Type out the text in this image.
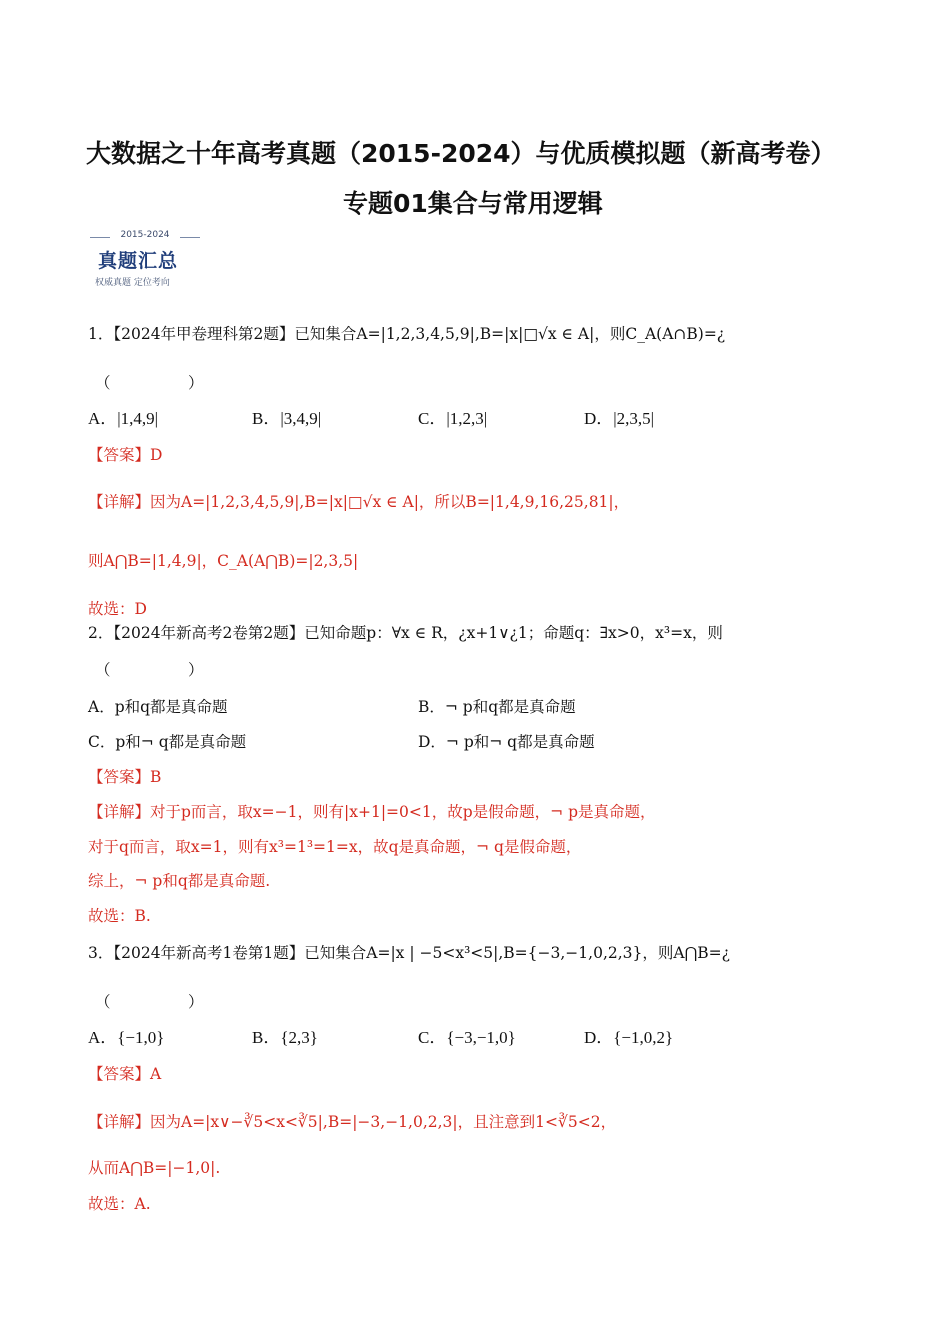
大数据之十年高考真题（2015-2024）与优质模拟题（新高考卷）
专题01集合与常用逻辑
2015-2024
真题汇总
权威真题 定位考向
1．【2024年甲卷理科第2题】已知集合A=|1,2,3,4,5,9|,B=|x|□√x ∈ A|，则C_A(A∩B)=¿
（　　　　　）
A．|1,4,9|	B．|3,4,9|	C．|1,2,3|	D．|2,3,5|
【答案】D
【详解】因为A=|1,2,3,4,5,9|,B=|x|□√x ∈ A|，所以B=|1,4,9,16,25,81|，
则A⋂B=|1,4,9|，C_A(A⋂B)=|2,3,5|
故选：D
2．【2024年新高考2卷第2题】已知命题p：∀x ∈ R，¿x+1∨¿1；命题q：∃x>0，x³=x，则
（　　　　　）
A．p和q都是真命题	B．¬ p和q都是真命题
C．p和¬ q都是真命题	D．¬ p和¬ q都是真命题
【答案】B
【详解】对于p而言，取x=−1，则有|x+1|=0<1，故p是假命题，¬ p是真命题，
对于q而言，取x=1，则有x³=1³=1=x，故q是真命题，¬ q是假命题，
综上，¬ p和q都是真命题.
故选：B.
3．【2024年新高考1卷第1题】已知集合A=|x | −5<x³<5|,B={−3,−1,0,2,3}，则A⋂B=¿
（　　　　　）
A．{−1,0}	B．{2,3}	C．{−3,−1,0}	D．{−1,0,2}
【答案】A
【详解】因为A=|x∨−∛5<x<∛5|,B=|−3,−1,0,2,3|，且注意到1<∛5<2，
从而A⋂B=|−1,0|.
故选：A.
